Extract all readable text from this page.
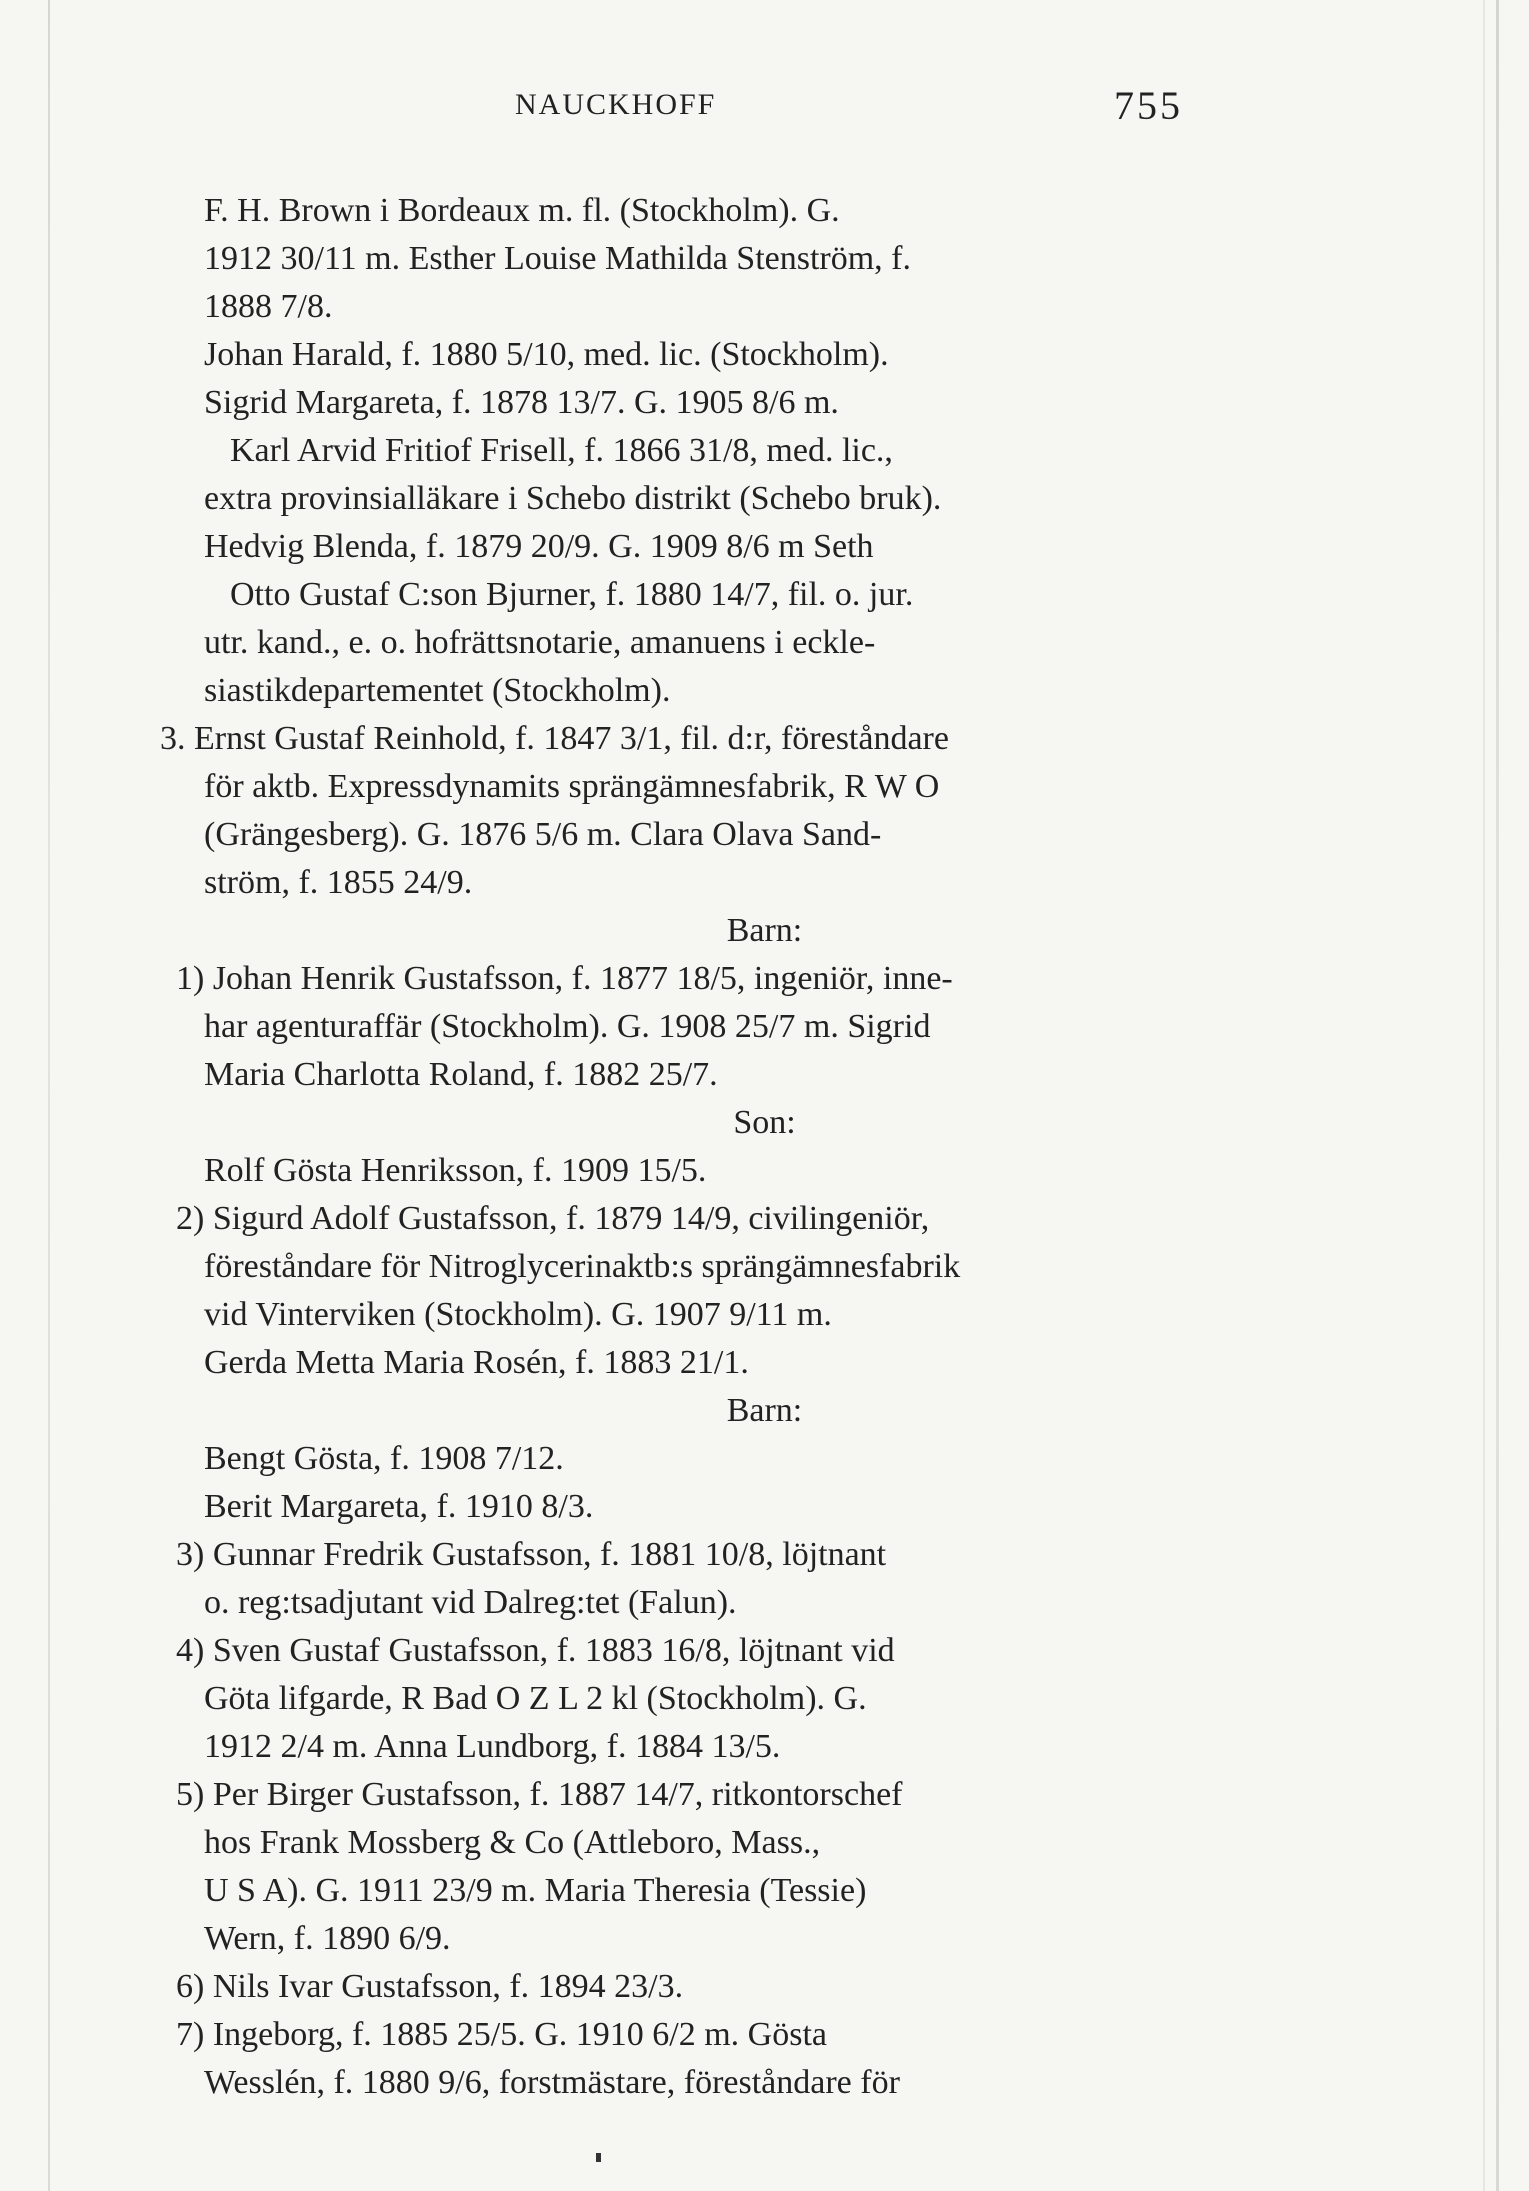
NAUCKHOFF	755
F. H. Brown i Bordeaux m. fl. (Stockholm). G.
1912 30/11 m. Esther Louise Mathilda Stenström, f.
1888 7/8.
Johan Harald, f. 1880 5/10, med. lic. (Stockholm).
Sigrid Margareta, f. 1878 13/7. G. 1905 8/6 m.
Karl Arvid Fritiof Frisell, f. 1866 31/8, med. lic.,
extra provinsialläkare i Schebo distrikt (Schebo bruk).
Hedvig Blenda, f. 1879 20/9. G. 1909 8/6 m Seth
Otto Gustaf C:son Bjurner, f. 1880 14/7, fil. o. jur.
utr. kand., e. o. hofrättsnotarie, amanuens i eckle-
siastikdepartementet (Stockholm).
3. Ernst Gustaf Reinhold, f. 1847 3/1, fil. d:r, föreståndare
för aktb. Expressdynamits sprängämnesfabrik, R W O
(Grängesberg). G. 1876 5/6 m. Clara Olava Sand-
ström, f. 1855 24/9.
Barn:
1) Johan Henrik Gustafsson, f. 1877 18/5, ingeniör, inne-
har agenturaffär (Stockholm). G. 1908 25/7 m. Sigrid
Maria Charlotta Roland, f. 1882 25/7.
Son:
Rolf Gösta Henriksson, f. 1909 15/5.
2) Sigurd Adolf Gustafsson, f. 1879 14/9, civilingeniör,
föreståndare för Nitroglycerinaktb:s sprängämnesfabrik
vid Vinterviken (Stockholm). G. 1907 9/11 m.
Gerda Metta Maria Rosén, f. 1883 21/1.
Barn:
Bengt Gösta, f. 1908 7/12.
Berit Margareta, f. 1910 8/3.
3) Gunnar Fredrik Gustafsson, f. 1881 10/8, löjtnant
o. reg:tsadjutant vid Dalreg:tet (Falun).
4) Sven Gustaf Gustafsson, f. 1883 16/8, löjtnant vid
Göta lifgarde, R Bad O Z L 2 kl (Stockholm). G.
1912 2/4 m. Anna Lundborg, f. 1884 13/5.
5) Per Birger Gustafsson, f. 1887 14/7, ritkontorschef
hos Frank Mossberg & Co (Attleboro, Mass.,
U S A). G. 1911 23/9 m. Maria Theresia (Tessie)
Wern, f. 1890 6/9.
6) Nils Ivar Gustafsson, f. 1894 23/3.
7) Ingeborg, f. 1885 25/5. G. 1910 6/2 m. Gösta
Wesslén, f. 1880 9/6, forstmästare, föreståndare för
